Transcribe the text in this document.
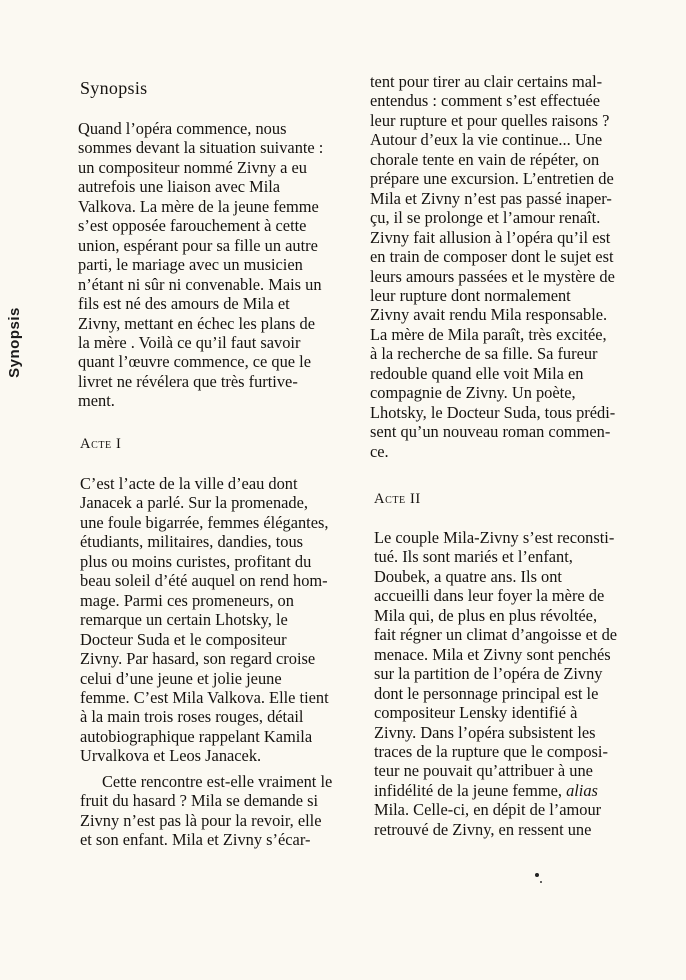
Synopsis
Synopsis
Quand l’opéra commence, nous
sommes devant la situation suivante :
un compositeur nommé Zivny a eu
autrefois une liaison avec Mila
Valkova. La mère de la jeune femme
s’est opposée farouchement à cette
union, espérant pour sa fille un autre
parti, le mariage avec un musicien
n’étant ni sûr ni convenable. Mais un
fils est né des amours de Mila et
Zivny, mettant en échec les plans de
la mère . Voilà ce qu’il faut savoir
quant l’œuvre commence, ce que le
livret ne révélera que très furtive-
ment.
Acte I
C’est l’acte de la ville d’eau dont
Janacek a parlé. Sur la promenade,
une foule bigarrée, femmes élégantes,
étudiants, militaires, dandies, tous
plus ou moins curistes, profitant du
beau soleil d’été auquel on rend hom-
mage. Parmi ces promeneurs, on
remarque un certain Lhotsky, le
Docteur Suda et le compositeur
Zivny. Par hasard, son regard croise
celui d’une jeune et jolie jeune
femme. C’est Mila Valkova. Elle tient
à la main trois roses rouges, détail
autobiographique rappelant Kamila
Urvalkova et Leos Janacek.
Cette rencontre est-elle vraiment le
fruit du hasard ? Mila se demande si
Zivny n’est pas là pour la revoir, elle
et son enfant. Mila et Zivny s’écar-
tent pour tirer au clair certains mal-
entendus : comment s’est effectuée
leur rupture et pour quelles raisons ?
Autour d’eux la vie continue... Une
chorale tente en vain de répéter, on
prépare une excursion. L’entretien de
Mila et Zivny n’est pas passé inaper-
çu, il se prolonge et l’amour renaît.
Zivny fait allusion à l’opéra qu’il est
en train de composer dont le sujet est
leurs amours passées et le mystère de
leur rupture dont normalement
Zivny avait rendu Mila responsable.
La mère de Mila paraît, très excitée,
à la recherche de sa fille. Sa fureur
redouble quand elle voit Mila en
compagnie de Zivny. Un poète,
Lhotsky, le Docteur Suda, tous prédi-
sent qu’un nouveau roman commen-
ce.
Acte II
Le couple Mila-Zivny s’est reconsti-
tué. Ils sont mariés et l’enfant,
Doubek, a quatre ans. Ils ont
accueilli dans leur foyer la mère de
Mila qui, de plus en plus révoltée,
fait régner un climat d’angoisse et de
menace. Mila et Zivny sont penchés
sur la partition de l’opéra de Zivny
dont le personnage principal est le
compositeur Lensky identifié à
Zivny. Dans l’opéra subsistent les
traces de la rupture que le composi-
teur ne pouvait qu’attribuer à une
infidélité de la jeune femme, alias
Mila. Celle-ci, en dépit de l’amour
retrouvé de Zivny, en ressent une
